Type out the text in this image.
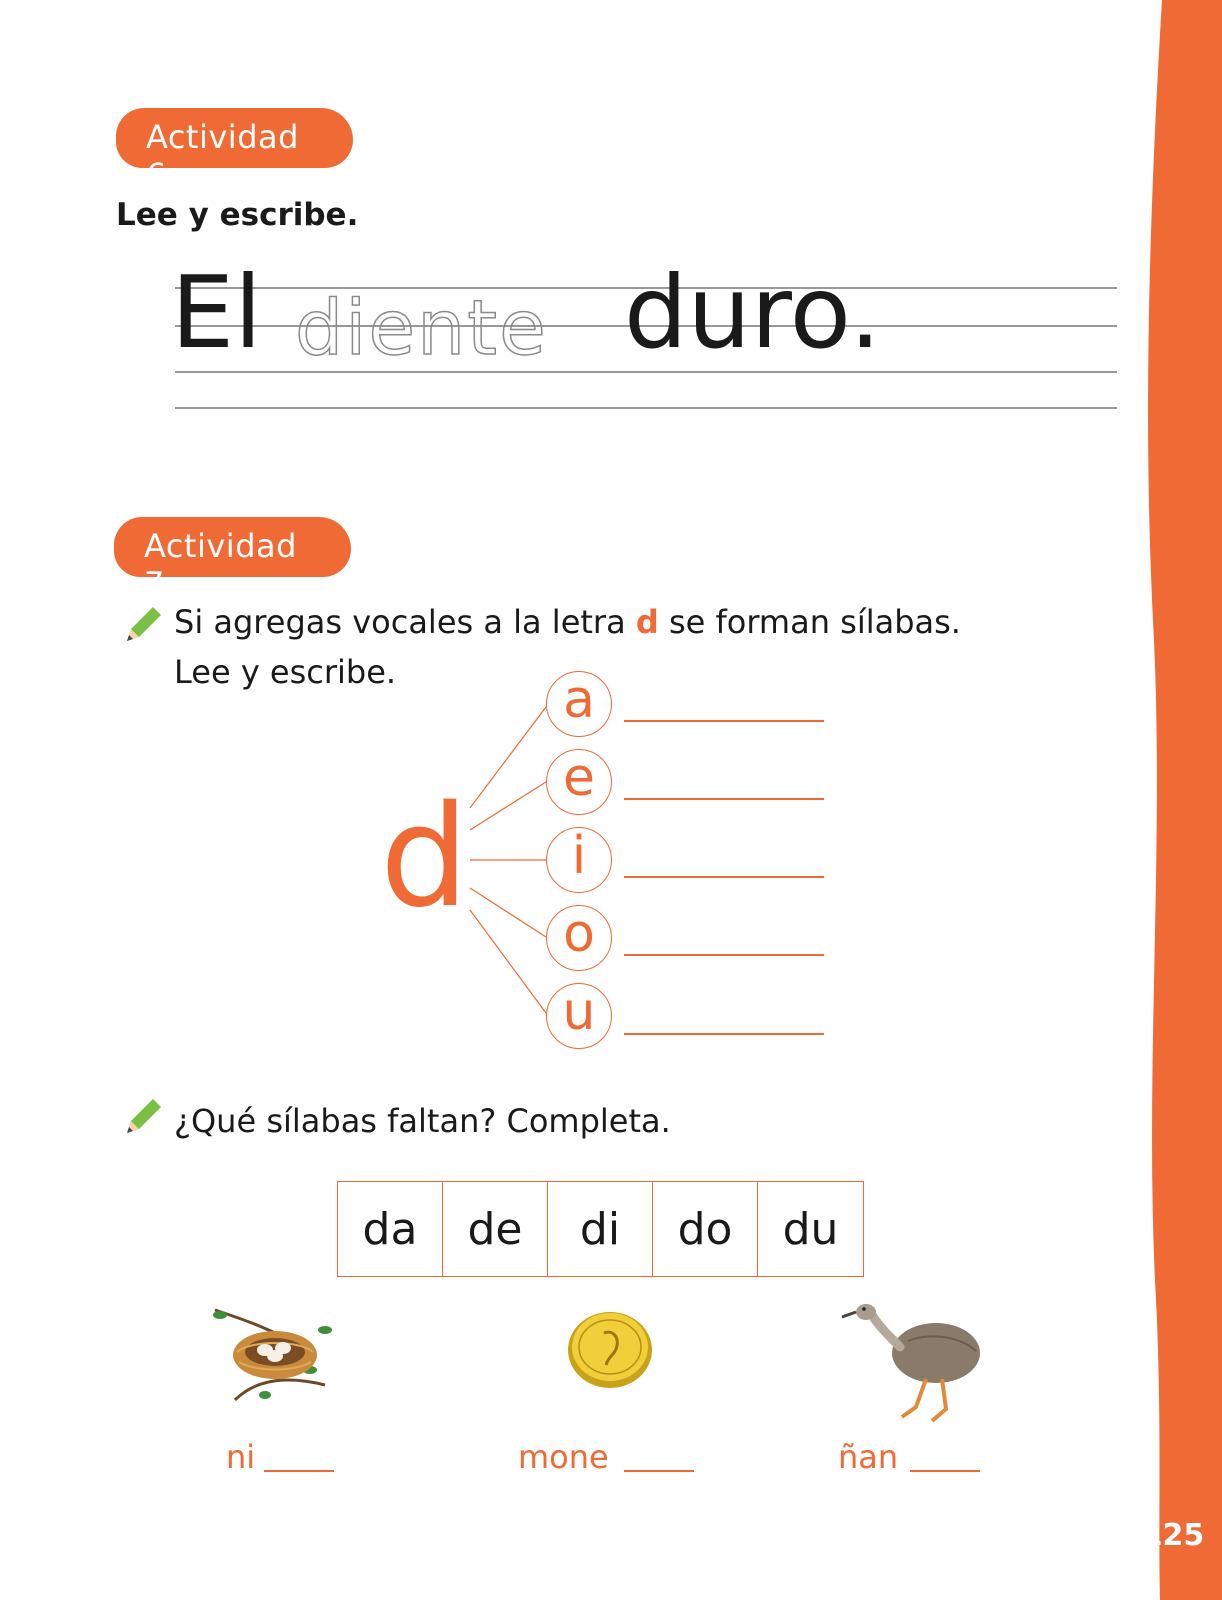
125
Actividad 6
Lee y escribe.
El diente duro.
Actividad 7
Si agregas vocales a la letra d se forman sílabas.
Lee y escribe.
d
a
e
i
o
u
¿Qué sílabas faltan? Completa.
da	de	di	do	du
ni	mone	ñan
